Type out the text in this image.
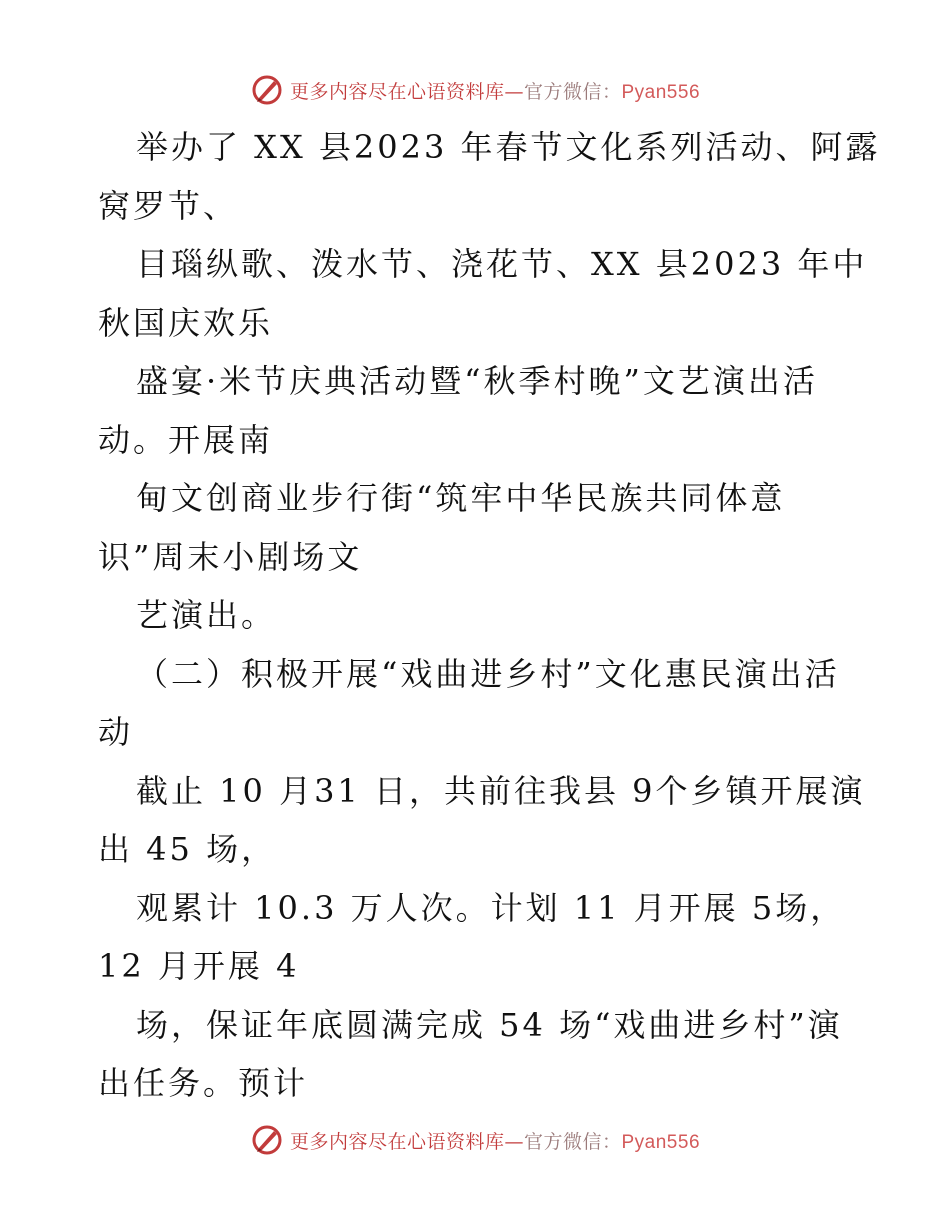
更多内容尽在心语资料库—官方微信：Pyan556
举办了 XX 县2023 年春节文化系列活动、阿露
窝罗节、
目瑙纵歌、泼水节、浇花节、XX 县2023 年中
秋国庆欢乐
盛宴·米节庆典活动暨“秋季村晚”文艺演出活
动。开展南
甸文创商业步行街“筑牢中华民族共同体意
识”周末小剧场文
艺演出。
（二）积极开展“戏曲进乡村”文化惠民演出活
动
截止 10 月31 日，共前往我县 9个乡镇开展演
出 45 场，
观累计 10.3 万人次。计划 11 月开展 5场，
12 月开展 4
场，保证年底圆满完成 54 场“戏曲进乡村”演
出任务。预计
更多内容尽在心语资料库—官方微信：Pyan556
